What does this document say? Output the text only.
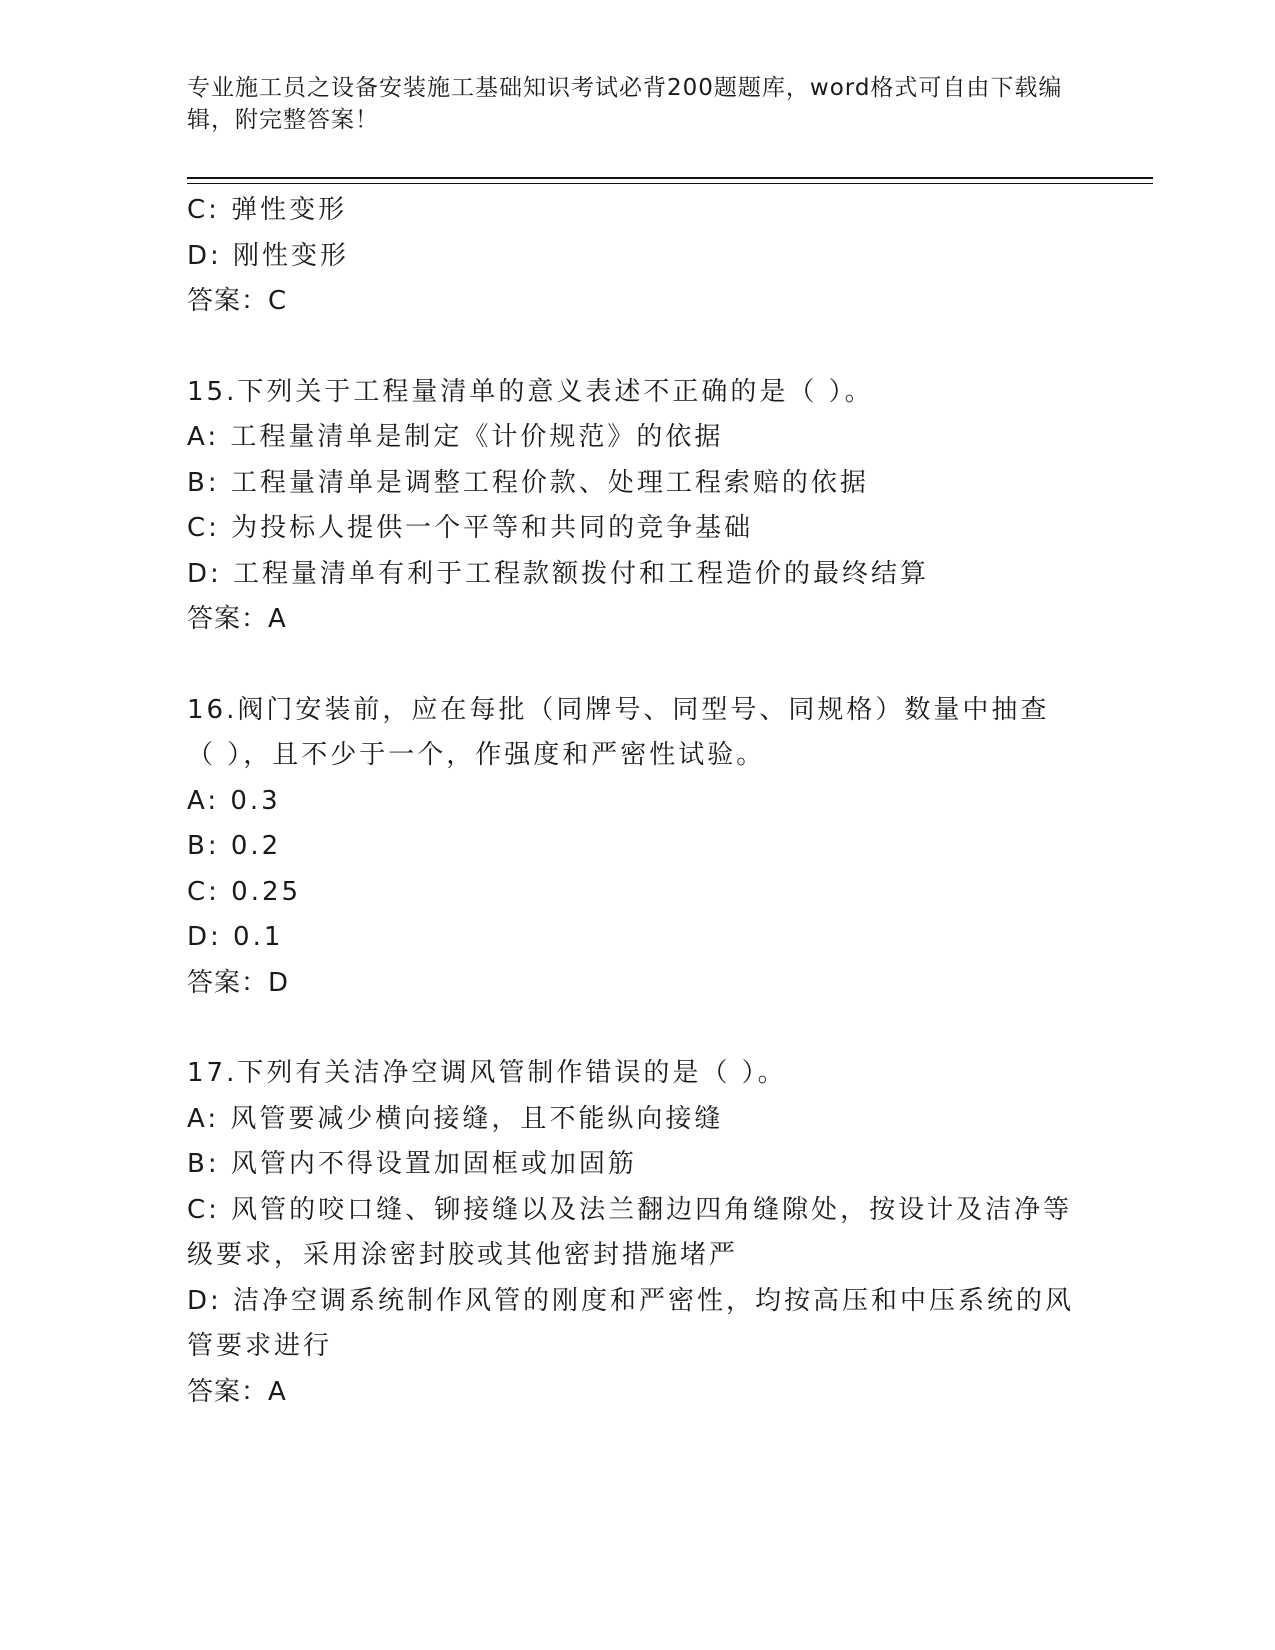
专业施工员之设备安装施工基础知识考试必背200题题库，word格式可自由下载编辑，附完整答案！
C: 弹性变形
D: 刚性变形
答案：C
15.下列关于工程量清单的意义表述不正确的是（ ）。
A: 工程量清单是制定《计价规范》的依据
B: 工程量清单是调整工程价款、处理工程索赔的依据
C: 为投标人提供一个平等和共同的竞争基础
D: 工程量清单有利于工程款额拨付和工程造价的最终结算
答案：A
16.阀门安装前，应在每批（同牌号、同型号、同规格）数量中抽查（ ），且不少于一个，作强度和严密性试验。
A: 0.3
B: 0.2
C: 0.25
D: 0.1
答案：D
17.下列有关洁净空调风管制作错误的是（ ）。
A: 风管要减少横向接缝，且不能纵向接缝
B: 风管内不得设置加固框或加固筋
C: 风管的咬口缝、铆接缝以及法兰翻边四角缝隙处，按设计及洁净等级要求，采用涂密封胶或其他密封措施堵严
D: 洁净空调系统制作风管的刚度和严密性，均按高压和中压系统的风管要求进行
答案：A
